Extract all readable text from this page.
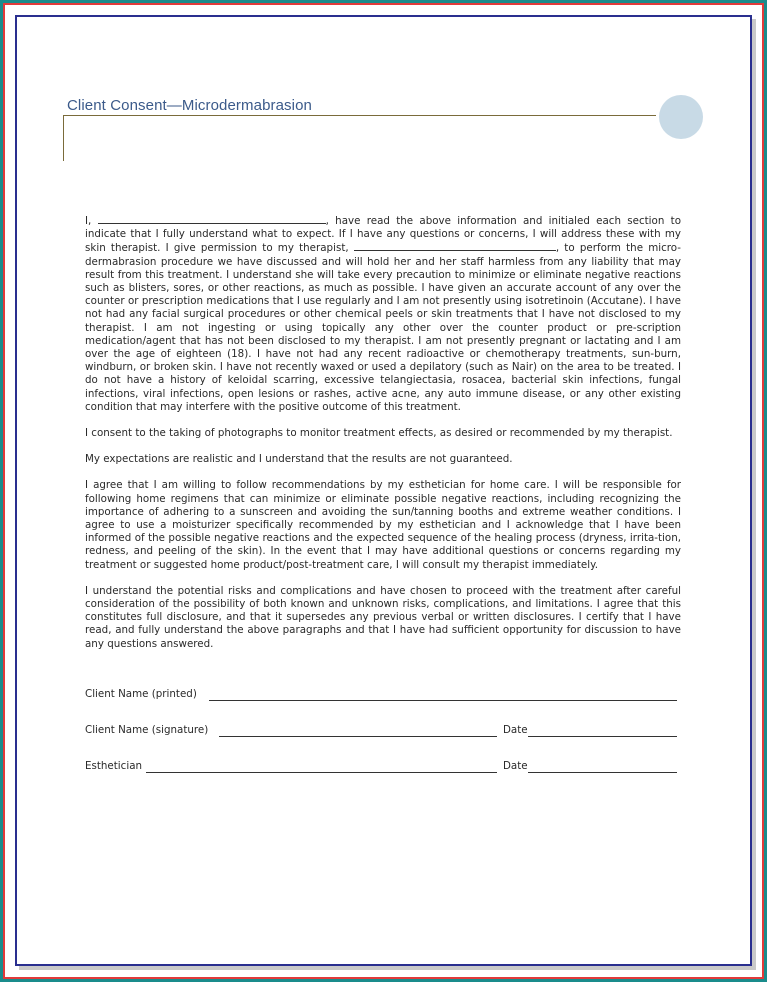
Client Consent—Microdermabrasion

I,	, have read the above information and initialed each section to indicate that I fully understand what to expect. If I have any questions or concerns, I will address these with my skin therapist. I give permission to my therapist,	, to perform the micro-dermabrasion procedure we have discussed and will hold her and her staff harmless from any liability that may result from this treatment. I understand she will take every precaution to minimize or eliminate negative reactions such as blisters, sores, or other reactions, as much as possible. I have given an accurate account of any over the counter or prescription medications that I use regularly and I am not presently using isotretinoin (Accutane). I have not had any facial surgical procedures or other chemical peels or skin treatments that I have not disclosed to my therapist. I am not ingesting or using topically any other over the counter product or pre-scription medication/agent that has not been disclosed to my therapist. I am not presently pregnant or lactating and I am over the age of eighteen (18). I have not had any recent radioactive or chemotherapy treatments, sun-burn, windburn, or broken skin. I have not recently waxed or used a depilatory (such as Nair) on the area to be treated. I do not have a history of keloidal scarring, excessive telangiectasia, rosacea, bacterial skin infections, fungal infections, viral infections, open lesions or rashes, active acne, any auto immune disease, or any other existing condition that may interfere with the positive outcome of this treatment.

I consent to the taking of photographs to monitor treatment effects, as desired or recommended by my therapist.

My expectations are realistic and I understand that the results are not guaranteed.

I agree that I am willing to follow recommendations by my esthetician for home care. I will be responsible for following home regimens that can minimize or eliminate possible negative reactions, including recognizing the importance of adhering to a sunscreen and avoiding the sun/tanning booths and extreme weather conditions. I agree to use a moisturizer specifically recommended by my esthetician and I acknowledge that I have been informed of the possible negative reactions and the expected sequence of the healing process (dryness, irrita-tion, redness, and peeling of the skin). In the event that I may have additional questions or concerns regarding my treatment or suggested home product/post-treatment care, I will consult my therapist immediately.

I understand the potential risks and complications and have chosen to proceed with the treatment after careful consideration of the possibility of both known and unknown risks, complications, and limitations. I agree that this constitutes full disclosure, and that it supersedes any previous verbal or written disclosures. I certify that I have read, and fully understand the above paragraphs and that I have had sufficient opportunity for discussion to have any questions answered.

Client Name (printed)
Client Name (signature)	Date
Esthetician	Date
